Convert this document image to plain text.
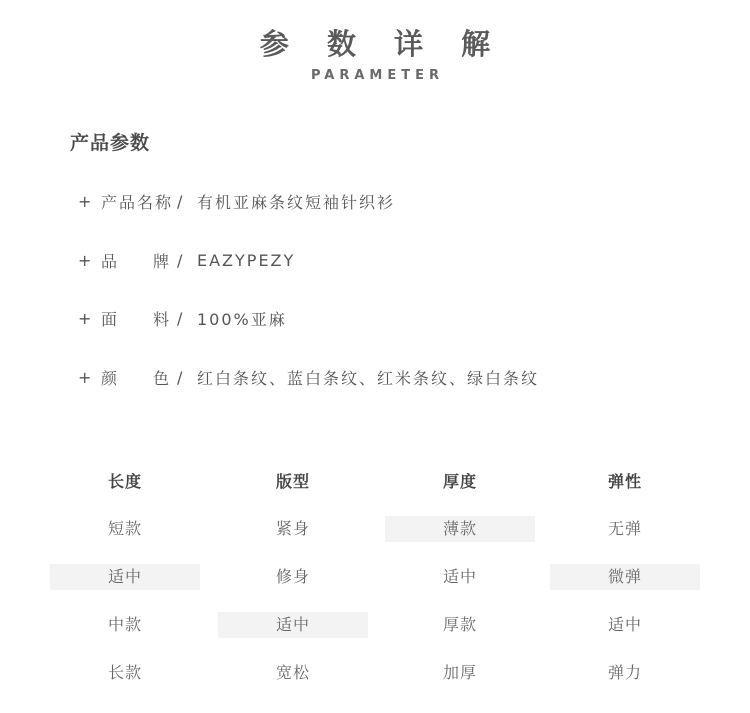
参 数 详 解
PARAMETER
产品参数
+ 产品名称 / 有机亚麻条纹短袖针织衫
+ 品 牌 / EAZYPEZY
+ 面 料 / 100%亚麻
+ 颜 色 / 红白条纹、蓝白条纹、红米条纹、绿白条纹
长度
短款
适中
中款
长款
版型
紧身
修身
适中
宽松
厚度
薄款
适中
厚款
加厚
弹性
无弹
微弹
适中
弹力
